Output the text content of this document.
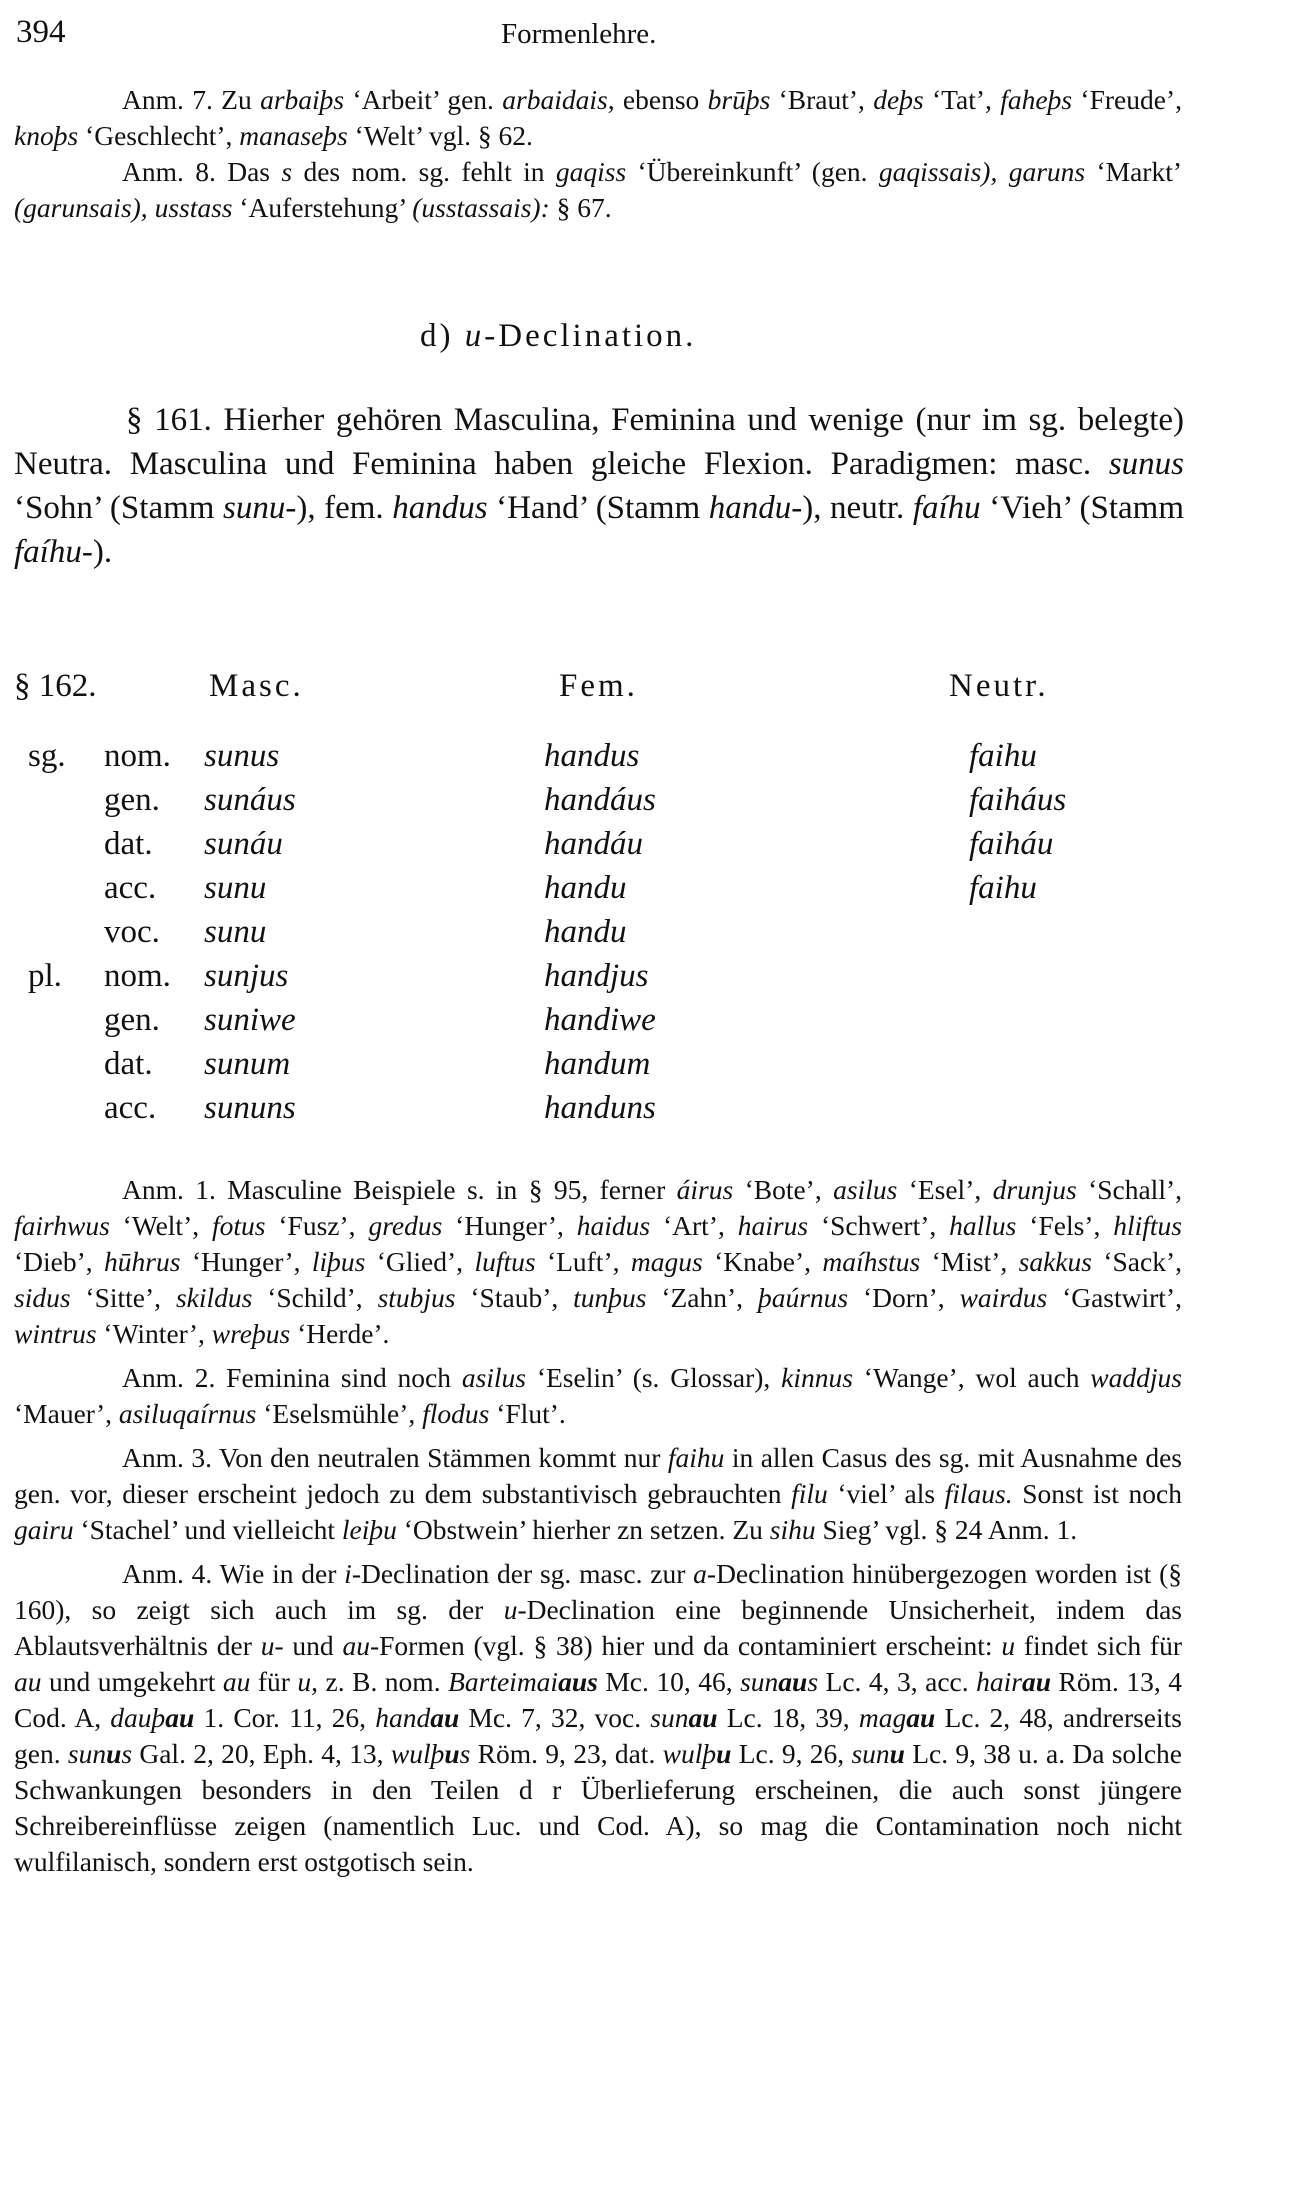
394	Formenlehre.

Anm. 7. Zu arbaiþs ‘Arbeit’ gen. arbaidais, ebenso brūþs ‘Braut’, deþs ‘Tat’, faheþs ‘Freude’, knoþs ‘Geschlecht’, manaseþs ‘Welt’ vgl. § 62.

Anm. 8. Das s des nom. sg. fehlt in gaqiss ‘Übereinkunft’ (gen. gaqissais), garuns ‘Markt’ (garunsais), usstass ‘Auferstehung’ (usstassais): § 67.

d) u-Declination.

§ 161. Hierher gehören Masculina, Feminina und wenige (nur im sg. belegte) Neutra. Masculina und Feminina haben gleiche Flexion. Paradigmen: masc. sunus ‘Sohn’ (Stamm sunu-), fem. handus ‘Hand’ (Stamm handu-), neutr. faíhu ‘Vieh’ (Stamm faíhu-).

§ 162.	Masc.	Fem.	Neutr.
sg. nom. sunus	handus	faihu
gen. sunáus	handáus	faiháus
dat. sunáu	handáu	faiháu
acc. sunu	handu	faihu
voc. sunu	handu
pl. nom. sunjus	handjus
gen. suniwe	handiwe
dat. sunum	handum
acc. sununs	handuns

Anm. 1. Masculine Beispiele s. in § 95, ferner áirus ‘Bote’, asilus ‘Esel’, drunjus ‘Schall’, fairhwus ‘Welt’, fotus ‘Fusz’, gredus ‘Hunger’, haidus ‘Art’, hairus ‘Schwert’, hallus ‘Fels’, hliftus ‘Dieb’, hūhrus ‘Hunger’, liþus ‘Glied’, luftus ‘Luft’, magus ‘Knabe’, maíhstus ‘Mist’, sakkus ‘Sack’, sidus ‘Sitte’, skildus ‘Schild’, stubjus ‘Staub’, tunþus ‘Zahn’, þaúrnus ‘Dorn’, wairdus ‘Gastwirt’, wintrus ‘Winter’, wreþus ‘Herde’.

Anm. 2. Feminina sind noch asilus ‘Eselin’ (s. Glossar), kinnus ‘Wange’, wol auch waddjus ‘Mauer’, asiluqaírnus ‘Eselsmühle’, flodus ‘Flut’.

Anm. 3. Von den neutralen Stämmen kommt nur faihu in allen Casus des sg. mit Ausnahme des gen. vor, dieser erscheint jedoch zu dem substantivisch gebrauchten filu ‘viel’ als filaus. Sonst ist noch gairu ‘Stachel’ und vielleicht leiþu ‘Obstwein’ hierher zn setzen. Zu sihu Sieg’ vgl. § 24 Anm. 1.

Anm. 4. Wie in der i-Declination der sg. masc. zur a-Declination hinübergezogen worden ist (§ 160), so zeigt sich auch im sg. der u-Declination eine beginnende Unsicherheit, indem das Ablautsverhältnis der u- und au-Formen (vgl. § 38) hier und da contaminiert erscheint: u findet sich für au und umgekehrt au für u, z. B. nom. Barteimaiaus Mc. 10, 46, sunaus Lc. 4, 3, acc. hairau Röm. 13, 4 Cod. A, dauþau 1. Cor. 11, 26, handau Mc. 7, 32, voc. sunau Lc. 18, 39, magau Lc. 2, 48, andrerseits gen. sunus Gal. 2, 20, Eph. 4, 13, wulþus Röm. 9, 23, dat. wulþu Lc. 9, 26, sunu Lc. 9, 38 u. a. Da solche Schwankungen besonders in den Teilen d r Überlieferung erscheinen, die auch sonst jüngere Schreibereinflüsse zeigen (namentlich Luc. und Cod. A), so mag die Contamination noch nicht wulfilanisch, sondern erst ostgotisch sein.
